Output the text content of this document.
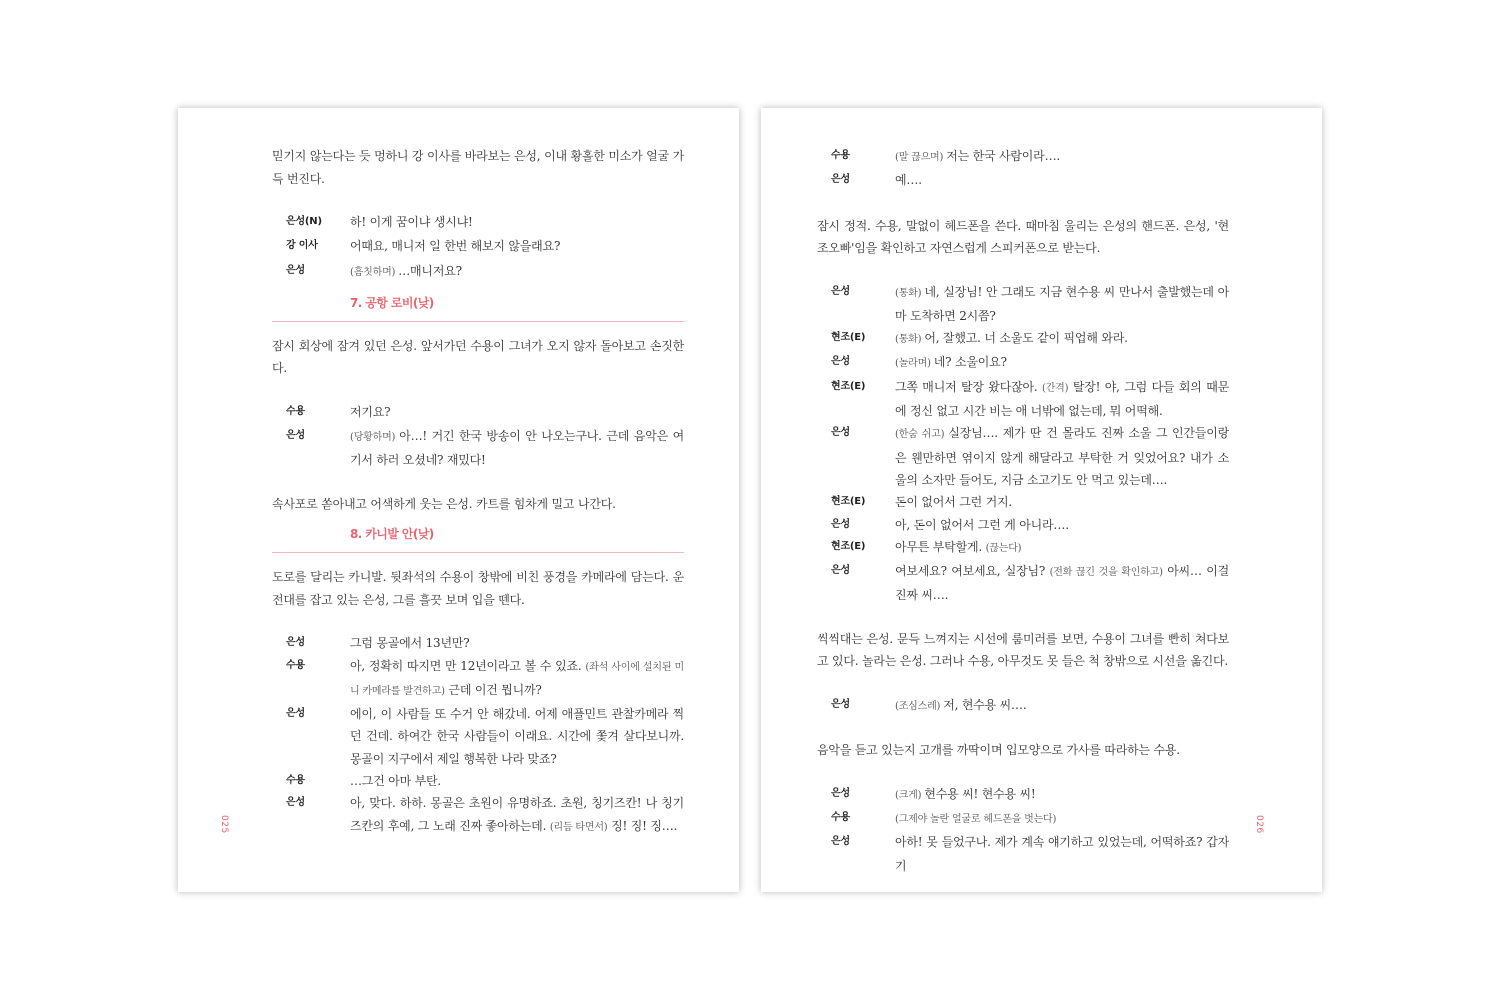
믿기지 않는다는 듯 멍하니 강 이사를 바라보는 은성, 이내 황홀한 미소가 얼굴 가득 번진다.

은성(N)	하! 이게 꿈이냐 생시냐!
강 이사	어때요, 매니저 일 한번 해보지 않을래요?
은성	(흠칫하며) …매니저요?
7. 공항 로비(낮)

잠시 회상에 잠겨 있던 은성. 앞서가던 수용이 그녀가 오지 않자 돌아보고 손짓한다.

수용	저기요?
은성	(당황하며) 아…! 거긴 한국 방송이 안 나오는구나. 근데 음악은 여기서 하러 오셨네? 재밌다!

속사포로 쏟아내고 어색하게 웃는 은성. 카트를 힘차게 밀고 나간다.

8. 카니발 안(낮)

도로를 달리는 카니발. 뒷좌석의 수용이 창밖에 비친 풍경을 카메라에 담는다. 운전대를 잡고 있는 은성, 그를 흘끗 보며 입을 뗀다.

은성	그럼 몽골에서 13년만?
수용	아, 정확히 따지면 만 12년이라고 볼 수 있죠. (좌석 사이에 설치된 미니 카메라를 발견하고) 근데 이건 뭡니까?
은성	에이, 이 사람들 또 수거 안 해갔네. 어제 애플민트 관찰카메라 찍던 건데. 하여간 한국 사람들이 이래요. 시간에 쫓겨 살다보니까. 몽골이 지구에서 제일 행복한 나라 맞죠?
수용	…그건 아마 부탄.
은성	아, 맞다. 하하. 몽골은 초원이 유명하죠. 초원, 칭기즈칸! 나 칭기즈칸의 후예, 그 노래 진짜 좋아하는데. (리듬 타면서) 징! 징! 징….
025
수용	(말 끊으며) 저는 한국 사람이라….
은성	예….

잠시 정적. 수용, 말없이 헤드폰을 쓴다. 때마침 울리는 은성의 핸드폰. 은성, '현조오빠'임을 확인하고 자연스럽게 스피커폰으로 받는다.

은성	(통화) 네, 실장님! 안 그래도 지금 현수용 씨 만나서 출발했는데 아마 도착하면 2시쯤?
현조(E)	(통화) 어, 잘했고. 너 소울도 같이 픽업해 와라.
은성	(놀라며) 네? 소울이요?
현조(E)	그쪽 매니저 탈장 왔다잖아. (간격) 탈장! 야, 그럼 다들 회의 때문에 정신 없고 시간 비는 애 너밖에 없는데, 뭐 어떡해.
은성	(한숨 쉬고) 실장님…. 제가 딴 건 몰라도 진짜 소울 그 인간들이랑은 웬만하면 엮이지 않게 해달라고 부탁한 거 잊었어요? 내가 소울의 소자만 들어도, 지금 소고기도 안 먹고 있는데….
현조(E)	돈이 없어서 그런 거지.
은성	아, 돈이 없어서 그런 게 아니라….
현조(E)	아무튼 부탁할게. (끊는다)
은성	여보세요? 여보세요, 실장님? (전화 끊긴 것을 확인하고) 아씨… 이걸 진짜 씨….

씩씩대는 은성. 문득 느껴지는 시선에 룸미러를 보면, 수용이 그녀를 빤히 쳐다보고 있다. 놀라는 은성. 그러나 수용, 아무것도 못 들은 척 창밖으로 시선을 옮긴다.

은성	(조심스레) 저, 현수용 씨….

음악을 듣고 있는지 고개를 까딱이며 입모양으로 가사를 따라하는 수용.

은성	(크게) 현수용 씨! 현수용 씨!
수용	(그제야 놀란 얼굴로 헤드폰을 벗는다)
은성	아하! 못 들었구나. 제가 계속 얘기하고 있었는데, 어떡하죠? 갑자기
026
